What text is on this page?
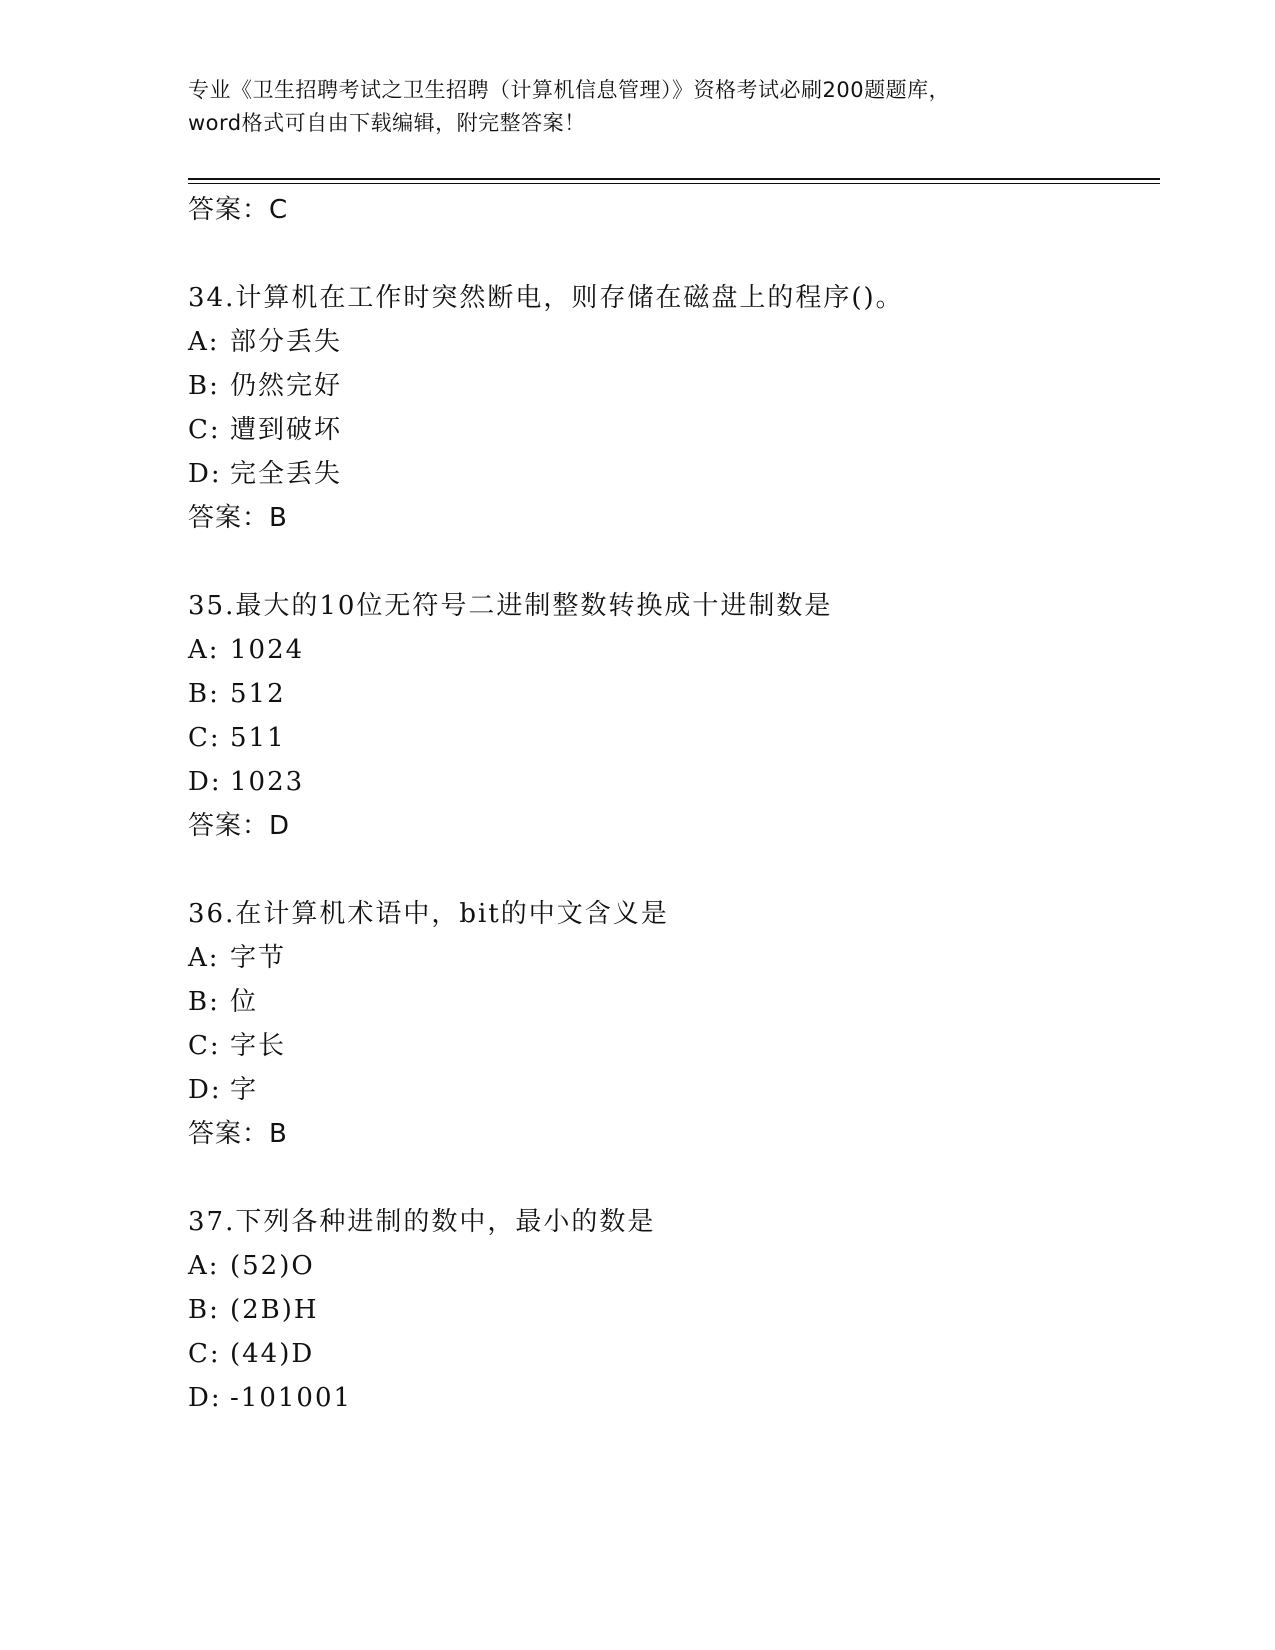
专业《卫生招聘考试之卫生招聘（计算机信息管理）》资格考试必刷200题题库，
word格式可自由下载编辑，附完整答案！
答案：C
34.计算机在工作时突然断电，则存储在磁盘上的程序()。
A: 部分丢失
B: 仍然完好
C: 遭到破坏
D: 完全丢失
答案：B
35.最大的10位无符号二进制整数转换成十进制数是
A: 1024
B: 512
C: 511
D: 1023
答案：D
36.在计算机术语中，bit的中文含义是
A: 字节
B: 位
C: 字长
D: 字
答案：B
37.下列各种进制的数中，最小的数是
A: (52)O
B: (2B)H
C: (44)D
D: -101001
